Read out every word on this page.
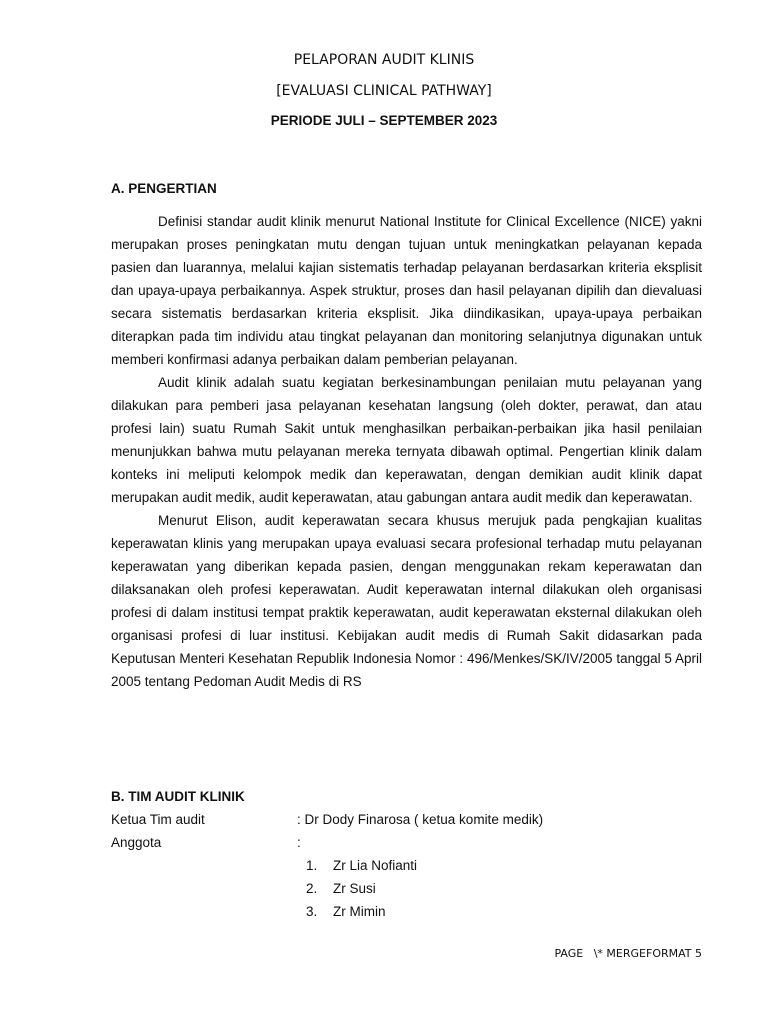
PELAPORAN AUDIT KLINIS

[EVALUASI CLINICAL PATHWAY]

PERIODE JULI – SEPTEMBER 2023

A. PENGERTIAN

Definisi standar audit klinik menurut National Institute for Clinical Excellence (NICE) yakni merupakan proses peningkatan mutu dengan tujuan untuk meningkatkan pelayanan kepada pasien dan luarannya, melalui kajian sistematis terhadap pelayanan berdasarkan kriteria eksplisit dan upaya-upaya perbaikannya. Aspek struktur, proses dan hasil pelayanan dipilih dan dievaluasi secara sistematis berdasarkan kriteria eksplisit. Jika diindikasikan, upaya-upaya perbaikan diterapkan pada tim individu atau tingkat pelayanan dan monitoring selanjutnya digunakan untuk memberi konfirmasi adanya perbaikan dalam pemberian pelayanan.

Audit klinik adalah suatu kegiatan berkesinambungan penilaian mutu pelayanan yang dilakukan para pemberi jasa pelayanan kesehatan langsung (oleh dokter, perawat, dan atau profesi lain) suatu Rumah Sakit untuk menghasilkan perbaikan-perbaikan jika hasil penilaian menunjukkan bahwa mutu pelayanan mereka ternyata dibawah optimal. Pengertian klinik dalam konteks ini meliputi kelompok medik dan keperawatan, dengan demikian audit klinik dapat merupakan audit medik, audit keperawatan, atau gabungan antara audit medik dan keperawatan.

Menurut Elison, audit keperawatan secara khusus merujuk pada pengkajian kualitas keperawatan klinis yang merupakan upaya evaluasi secara profesional terhadap mutu pelayanan keperawatan yang diberikan kepada pasien, dengan menggunakan rekam keperawatan dan dilaksanakan oleh profesi keperawatan. Audit keperawatan internal dilakukan oleh organisasi profesi di dalam institusi tempat praktik keperawatan, audit keperawatan eksternal dilakukan oleh organisasi profesi di luar institusi. Kebijakan audit medis di Rumah Sakit didasarkan pada Keputusan Menteri Kesehatan Republik Indonesia Nomor : 496/Menkes/SK/IV/2005 tanggal 5 April 2005 tentang Pedoman Audit Medis di RS

B. TIM AUDIT KLINIK

Ketua Tim audit	: Dr Dody Finarosa ( ketua komite medik)
Anggota	:
1. Zr Lia Nofianti
2. Zr Susi
3. Zr Mimin
PAGE   \* MERGEFORMAT 5
